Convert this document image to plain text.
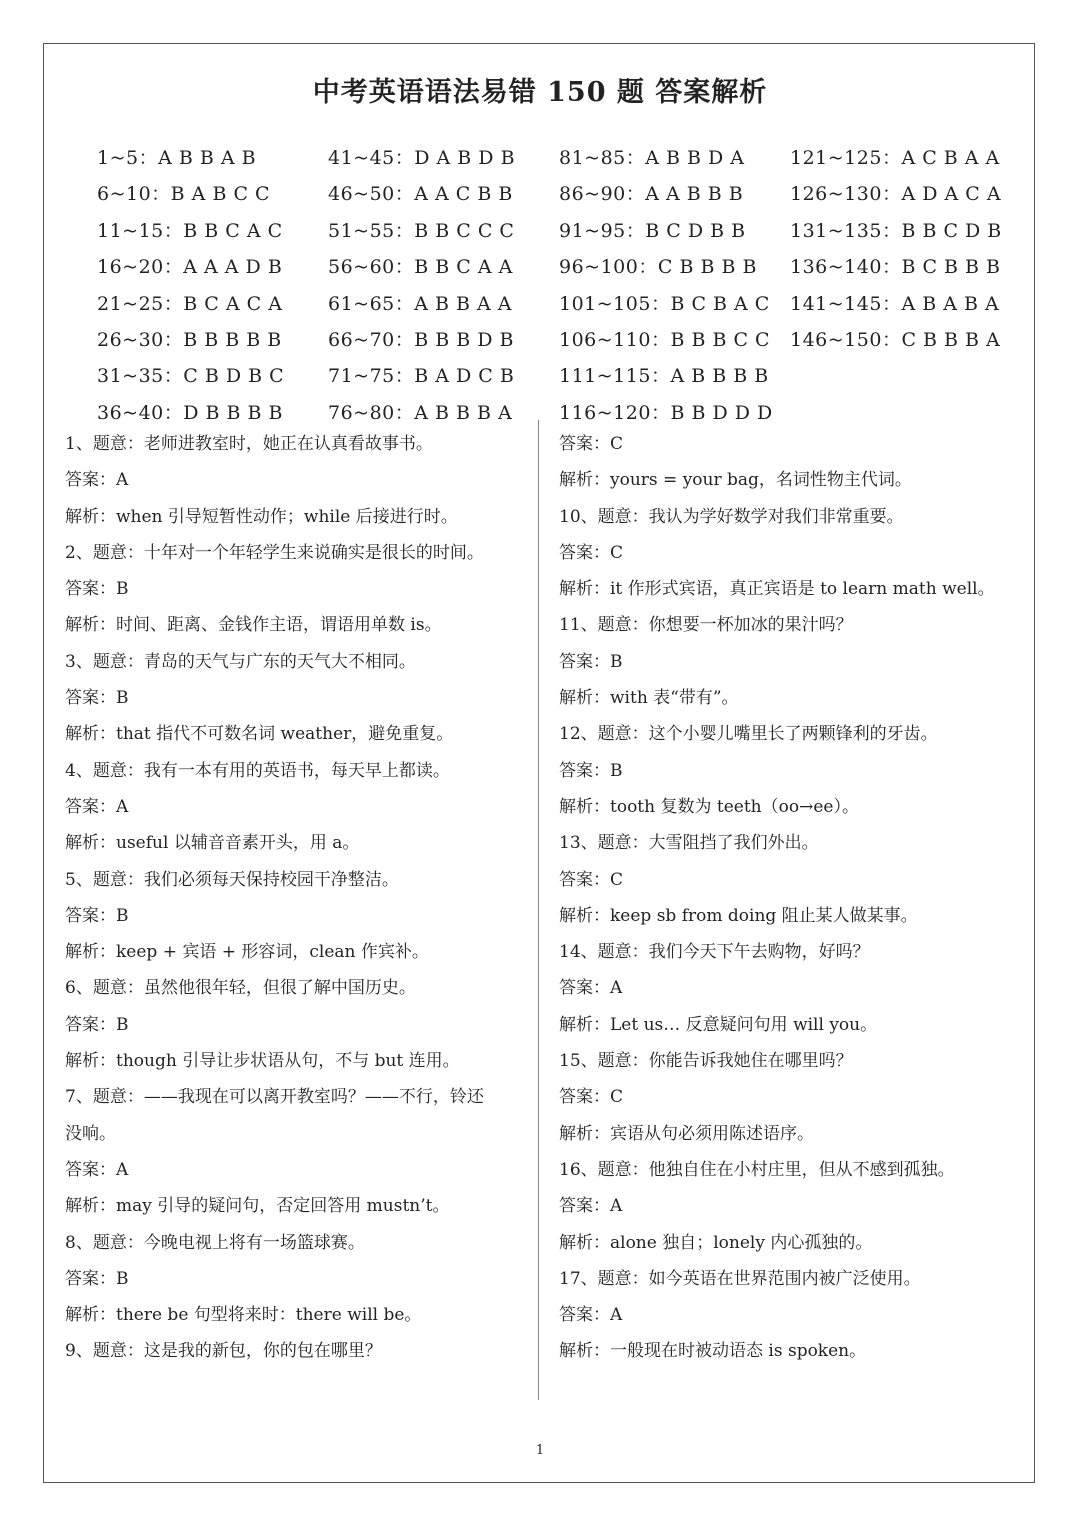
中考英语语法易错 150 题 答案解析
1~5：A B B A B
6~10：B A B C C
11~15：B B C A C
16~20：A A A D B
21~25：B C A C A
26~30：B B B B B
31~35：C B D B C
36~40：D B B B B
41~45：D A B D B
46~50：A A C B B
51~55：B B C C C
56~60：B B C A A
61~65：A B B A A
66~70：B B B D B
71~75：B A D C B
76~80：A B B B A
81~85：A B B D A
86~90：A A B B B
91~95：B C D B B
96~100：C B B B B
101~105：B C B A C
106~110：B B B C C
111~115：A B B B B
116~120：B B D D D
121~125：A C B A A
126~130：A D A C A
131~135：B B C D B
136~140：B C B B B
141~145：A B A B A
146~150：C B B B A
1、题意：老师进教室时，她正在认真看故事书。
答案：A
解析：when 引导短暂性动作；while 后接进行时。
2、题意：十年对一个年轻学生来说确实是很长的时间。
答案：B
解析：时间、距离、金钱作主语，谓语用单数 is。
3、题意：青岛的天气与广东的天气大不相同。
答案：B
解析：that 指代不可数名词 weather，避免重复。
4、题意：我有一本有用的英语书，每天早上都读。
答案：A
解析：useful 以辅音音素开头，用 a。
5、题意：我们必须每天保持校园干净整洁。
答案：B
解析：keep + 宾语 + 形容词，clean 作宾补。
6、题意：虽然他很年轻，但很了解中国历史。
答案：B
解析：though 引导让步状语从句，不与 but 连用。
7、题意：——我现在可以离开教室吗？——不行，铃还
没响。
答案：A
解析：may 引导的疑问句，否定回答用 mustn’t。
8、题意：今晚电视上将有一场篮球赛。
答案：B
解析：there be 句型将来时：there will be。
9、题意：这是我的新包，你的包在哪里？
答案：C
解析：yours = your bag，名词性物主代词。
10、题意：我认为学好数学对我们非常重要。
答案：C
解析：it 作形式宾语，真正宾语是 to learn math well。
11、题意：你想要一杯加冰的果汁吗？
答案：B
解析：with 表“带有”。
12、题意：这个小婴儿嘴里长了两颗锋利的牙齿。
答案：B
解析：tooth 复数为 teeth（oo→ee）。
13、题意：大雪阻挡了我们外出。
答案：C
解析：keep sb from doing 阻止某人做某事。
14、题意：我们今天下午去购物，好吗？
答案：A
解析：Let us… 反意疑问句用 will you。
15、题意：你能告诉我她住在哪里吗？
答案：C
解析：宾语从句必须用陈述语序。
16、题意：他独自住在小村庄里，但从不感到孤独。
答案：A
解析：alone 独自；lonely 内心孤独的。
17、题意：如今英语在世界范围内被广泛使用。
答案：A
解析：一般现在时被动语态 is spoken。
1
